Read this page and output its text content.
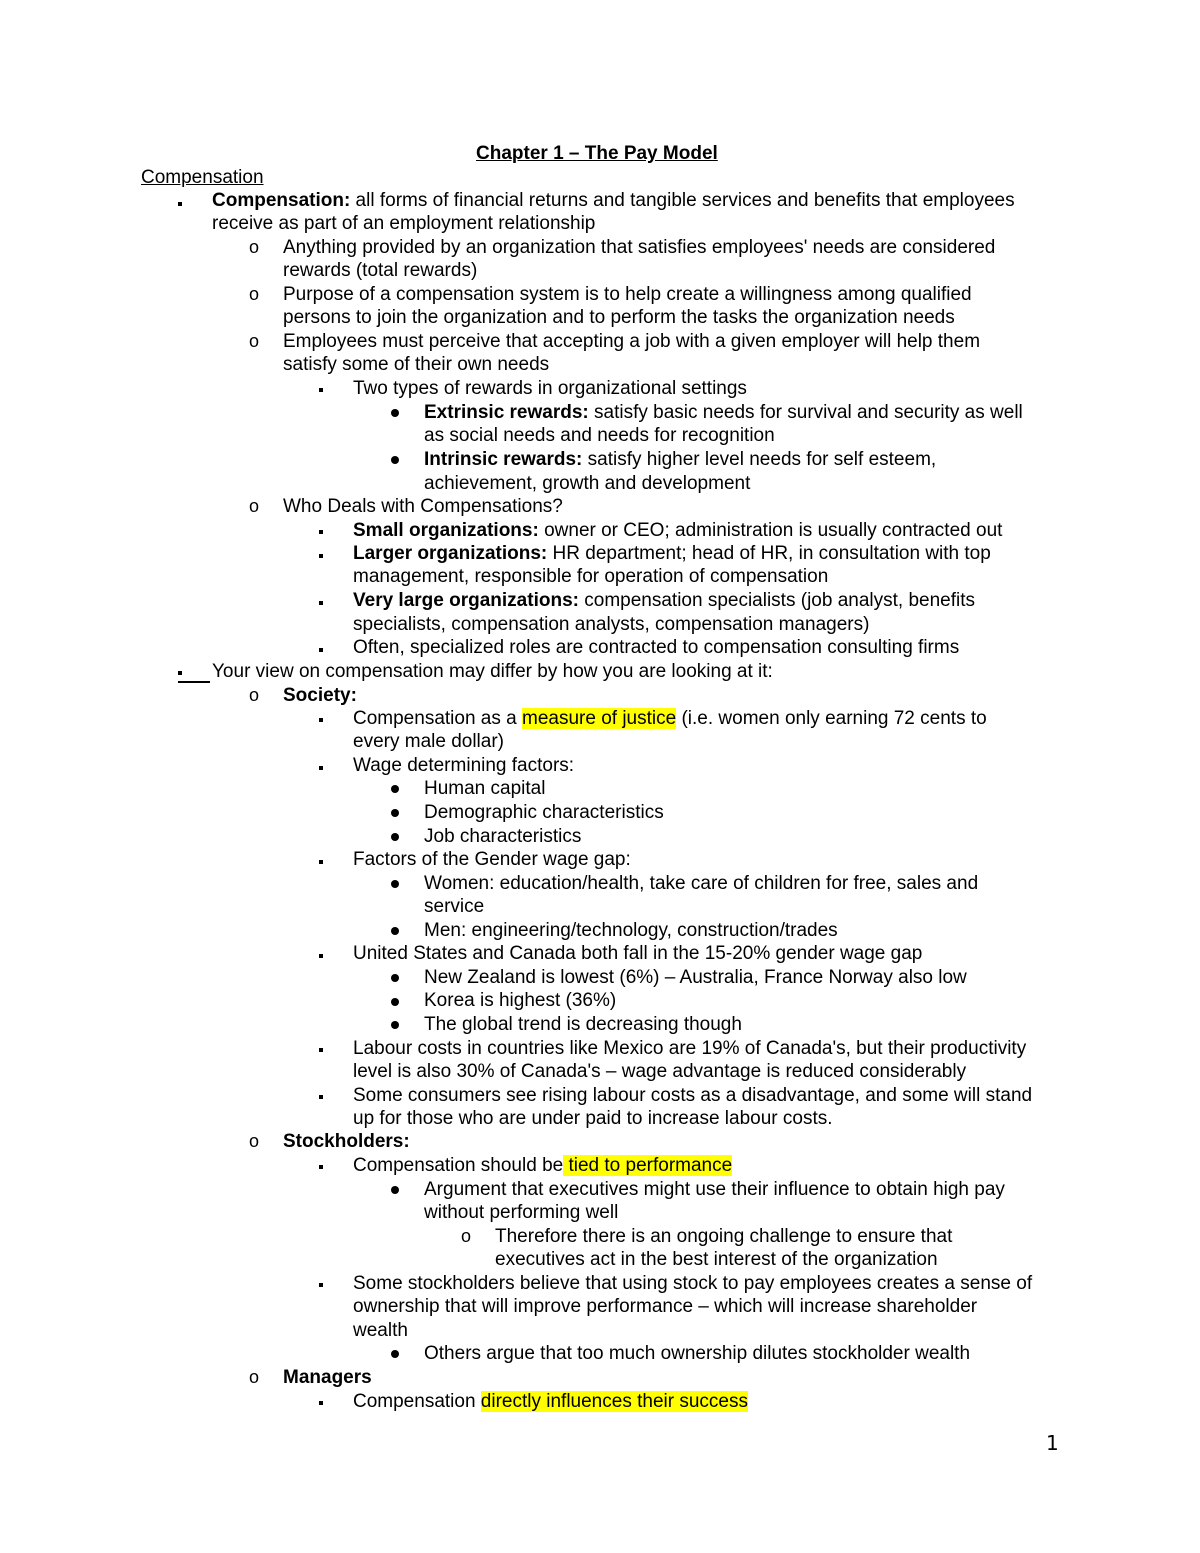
Chapter 1 – The Pay Model
Compensation
Compensation: all forms of financial returns and tangible services and benefits that employees
receive as part of an employment relationship
o Anything provided by an organization that satisfies employees' needs are considered
rewards (total rewards)
o Purpose of a compensation system is to help create a willingness among qualified
persons to join the organization and to perform the tasks the organization needs
o Employees must perceive that accepting a job with a given employer will help them
satisfy some of their own needs
Two types of rewards in organizational settings
Extrinsic rewards: satisfy basic needs for survival and security as well
as social needs and needs for recognition
Intrinsic rewards: satisfy higher level needs for self esteem,
achievement, growth and development
o Who Deals with Compensations?
Small organizations: owner or CEO; administration is usually contracted out
Larger organizations: HR department; head of HR, in consultation with top
management, responsible for operation of compensation
Very large organizations: compensation specialists (job analyst, benefits
specialists, compensation analysts, compensation managers)
Often, specialized roles are contracted to compensation consulting firms
Your view on compensation may differ by how you are looking at it:
o Society:
Compensation as a measure of justice (i.e. women only earning 72 cents to
every male dollar)
Wage determining factors:
Human capital
Demographic characteristics
Job characteristics
Factors of the Gender wage gap:
Women: education/health, take care of children for free, sales and
service
Men: engineering/technology, construction/trades
United States and Canada both fall in the 15-20% gender wage gap
New Zealand is lowest (6%) – Australia, France Norway also low
Korea is highest (36%)
The global trend is decreasing though
Labour costs in countries like Mexico are 19% of Canada's, but their productivity
level is also 30% of Canada's – wage advantage is reduced considerably
Some consumers see rising labour costs as a disadvantage, and some will stand
up for those who are under paid to increase labour costs.
o Stockholders:
Compensation should be tied to performance
Argument that executives might use their influence to obtain high pay
without performing well
o Therefore there is an ongoing challenge to ensure that
executives act in the best interest of the organization
Some stockholders believe that using stock to pay employees creates a sense of
ownership that will improve performance – which will increase shareholder
wealth
Others argue that too much ownership dilutes stockholder wealth
o Managers
Compensation directly influences their success
1
